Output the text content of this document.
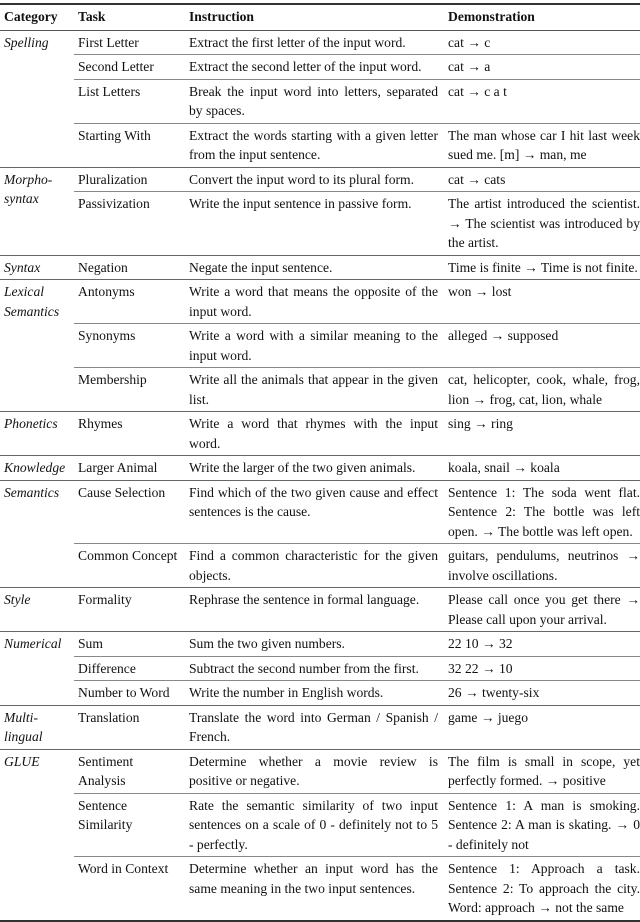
Category	Task	Instruction	Demonstration
Spelling	First Letter	Extract the first letter of the input word.	cat → c
	Second Letter	Extract the second letter of the input word.	cat → a
	List Letters	Break the input word into letters, separated by spaces.	cat → c a t
	Starting With	Extract the words starting with a given letter from the input sentence.	The man whose car I hit last week sued me. [m] → man, me
Morpho-syntax	Pluralization	Convert the input word to its plural form.	cat → cats
	Passivization	Write the input sentence in passive form.	The artist introduced the scientist. → The scientist was introduced by the artist.
Syntax	Negation	Negate the input sentence.	Time is finite → Time is not finite.
Lexical Semantics	Antonyms	Write a word that means the opposite of the input word.	won → lost
	Synonyms	Write a word with a similar meaning to the input word.	alleged → supposed
	Membership	Write all the animals that appear in the given list.	cat, helicopter, cook, whale, frog, lion → frog, cat, lion, whale
Phonetics	Rhymes	Write a word that rhymes with the input word.	sing → ring
Knowledge	Larger Animal	Write the larger of the two given animals.	koala, snail → koala
Semantics	Cause Selection	Find which of the two given cause and effect sentences is the cause.	Sentence 1: The soda went flat. Sentence 2: The bottle was left open. → The bottle was left open.
	Common Concept	Find a common characteristic for the given objects.	guitars, pendulums, neutrinos → involve oscillations.
Style	Formality	Rephrase the sentence in formal language.	Please call once you get there → Please call upon your arrival.
Numerical	Sum	Sum the two given numbers.	22 10 → 32
	Difference	Subtract the second number from the first.	32 22 → 10
	Number to Word	Write the number in English words.	26 → twenty-six
Multi-lingual	Translation	Translate the word into German / Spanish / French.	game → juego
GLUE	Sentiment Analysis	Determine whether a movie review is positive or negative.	The film is small in scope, yet perfectly formed. → positive
	Sentence Similarity	Rate the semantic similarity of two input sentences on a scale of 0 - definitely not to 5 - perfectly.	Sentence 1: A man is smoking. Sentence 2: A man is skating. → 0 - definitely not
	Word in Context	Determine whether an input word has the same meaning in the two input sentences.	Sentence 1: Approach a task. Sentence 2: To approach the city. Word: approach → not the same
